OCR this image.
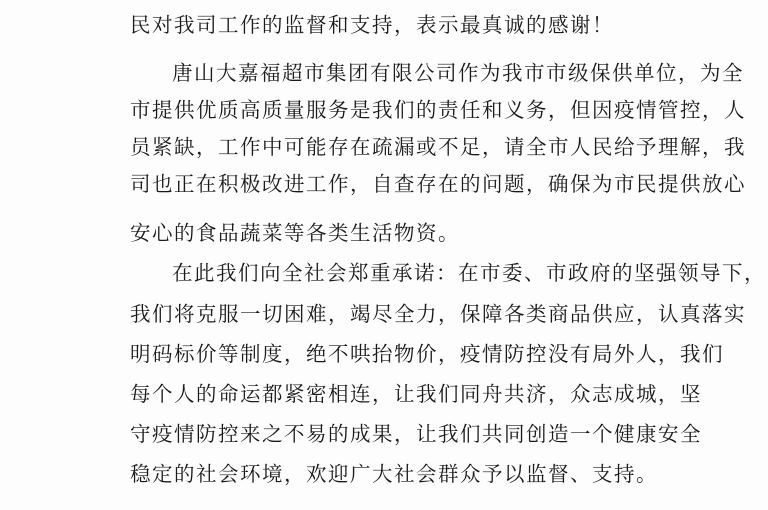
民对我司工作的监督和支持，表示最真诚的感谢！
唐山大嘉福超市集团有限公司作为我市市级保供单位，为全
市提供优质高质量服务是我们的责任和义务，但因疫情管控，人
员紧缺，工作中可能存在疏漏或不足，请全市人民给予理解，我
司也正在积极改进工作，自查存在的问题，确保为市民提供放心
安心的食品蔬菜等各类生活物资。
在此我们向全社会郑重承诺：在市委、市政府的坚强领导下，
我们将克服一切困难，竭尽全力，保障各类商品供应，认真落实
明码标价等制度，绝不哄抬物价，疫情防控没有局外人，我们
每个人的命运都紧密相连，让我们同舟共济，众志成城，坚
守疫情防控来之不易的成果，让我们共同创造一个健康安全
稳定的社会环境，欢迎广大社会群众予以监督、支持。
